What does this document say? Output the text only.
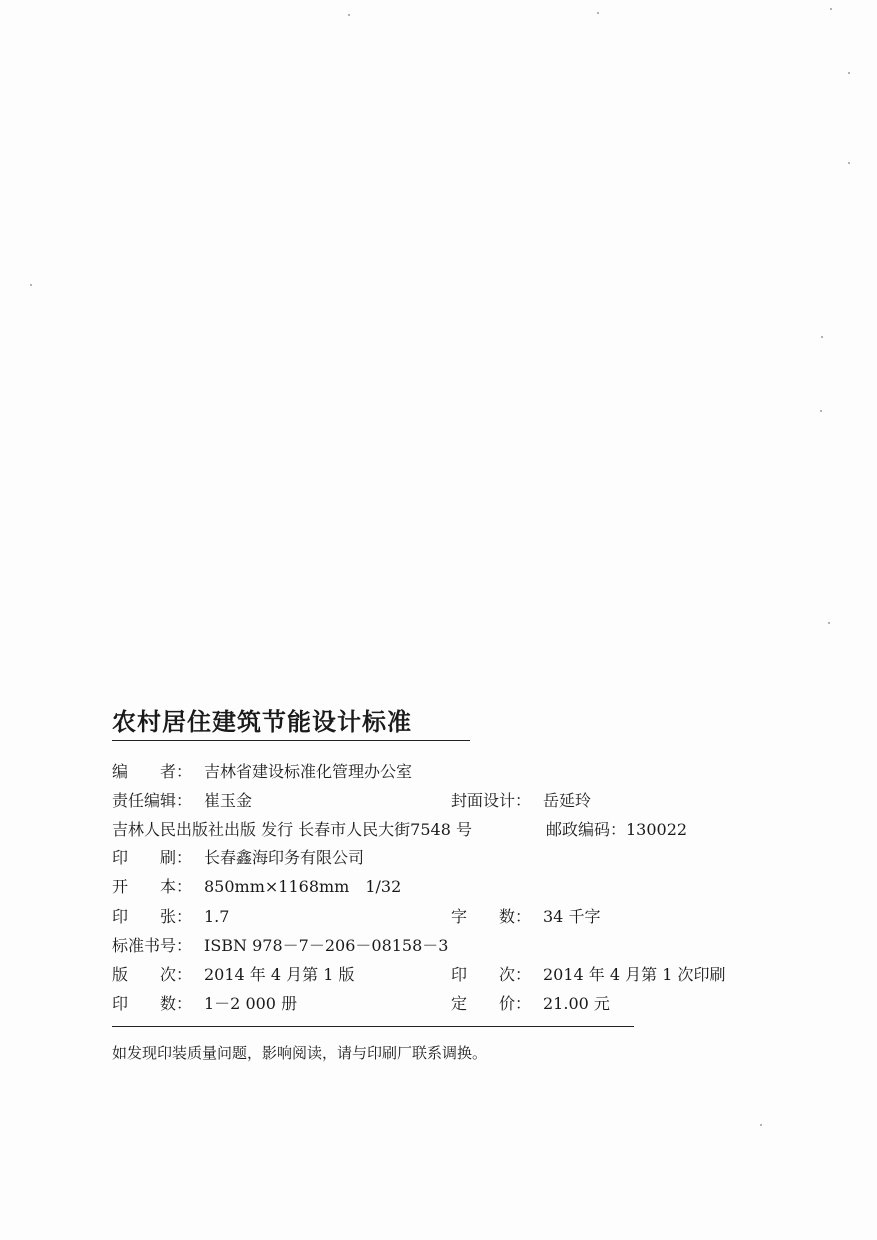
农村居住建筑节能设计标准
编　　者： 吉林省建设标准化管理办公室
责任编辑： 崔玉金	封面设计： 岳延玲
吉林人民出版社出版 发行 长春市人民大街7548 号	邮政编码：130022
印　　刷： 长春鑫海印务有限公司
开　　本： 850mm×1168mm　1/32
印　　张： 1.7	字　　数： 34 千字
标准书号： ISBN 978－7－206－08158－3
版　　次： 2014 年 4 月第 1 版	印　　次： 2014 年 4 月第 1 次印刷
印　　数： 1－2 000 册	定　　价： 21.00 元
如发现印装质量问题，影响阅读，请与印刷厂联系调换。
